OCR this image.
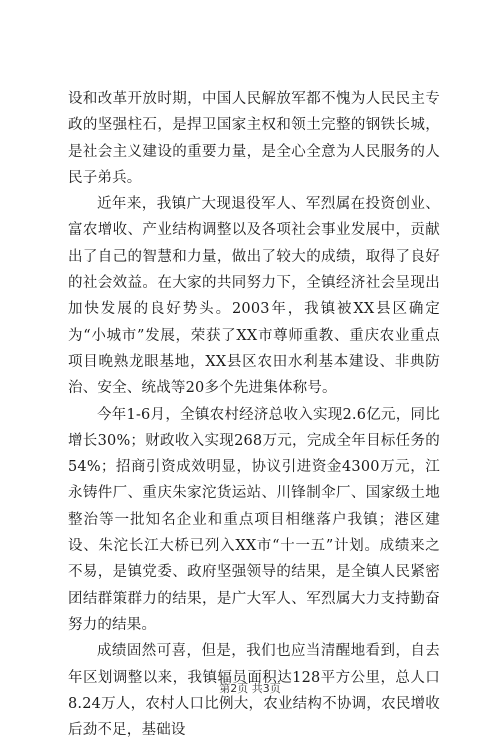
设和改革开放时期，中国人民解放军都不愧为人民民主专政的坚强柱石，是捍卫国家主权和领土完整的钢铁长城，是社会主义建设的重要力量，是全心全意为人民服务的人民子弟兵。

近年来，我镇广大现退役军人、军烈属在投资创业、富农增收、产业结构调整以及各项社会事业发展中，贡献出了自己的智慧和力量，做出了较大的成绩，取得了良好的社会效益。在大家的共同努力下，全镇经济社会呈现出加快发展的良好势头。2003年，我镇被XX县区确定为“小城市”发展，荣获了XX市尊师重教、重庆农业重点项目晚熟龙眼基地，XX县区农田水利基本建设、非典防治、安全、统战等20多个先进集体称号。

今年1-6月，全镇农村经济总收入实现2.6亿元，同比增长30%；财政收入实现268万元，完成全年目标任务的54%；招商引资成效明显，协议引进资金4300万元，江永铸件厂、重庆朱家沱货运站、川锋制伞厂、国家级土地整治等一批知名企业和重点项目相继落户我镇；港区建设、朱沱长江大桥已列入XX市“十一五”计划。成绩来之不易，是镇党委、政府坚强领导的结果，是全镇人民紧密团结群策群力的结果，是广大军人、军烈属大力支持勤奋努力的结果。

成绩固然可喜，但是，我们也应当清醒地看到，自去年区划调整以来，我镇辐员面积达128平方公里，总人口8.24万人，农村人口比例大，农业结构不协调，农民增收后劲不足，基础设

第2页 共3页
